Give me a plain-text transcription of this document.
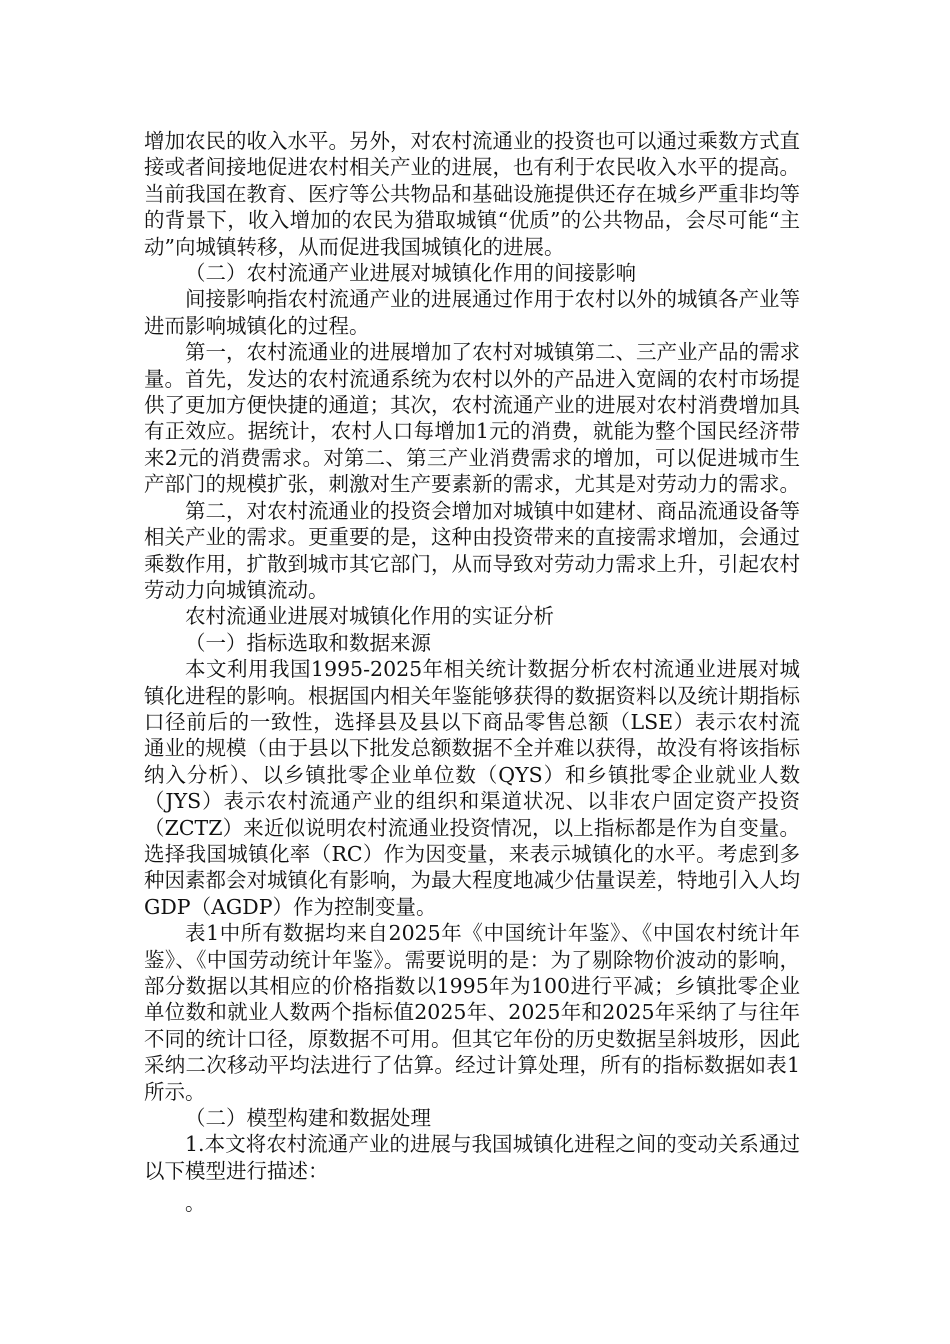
增加农民的收入水平。另外，对农村流通业的投资也可以通过乘数方式直接或者间接地促进农村相关产业的进展，也有利于农民收入水平的提高。当前我国在教育、医疗等公共物品和基础设施提供还存在城乡严重非均等的背景下，收入增加的农民为猎取城镇“优质”的公共物品，会尽可能“主动”向城镇转移，从而促进我国城镇化的进展。

（二）农村流通产业进展对城镇化作用的间接影响

间接影响指农村流通产业的进展通过作用于农村以外的城镇各产业等进而影响城镇化的过程。

第一，农村流通业的进展增加了农村对城镇第二、三产业产品的需求量。首先，发达的农村流通系统为农村以外的产品进入宽阔的农村市场提供了更加方便快捷的通道；其次，农村流通产业的进展对农村消费增加具有正效应。据统计，农村人口每增加1元的消费，就能为整个国民经济带来2元的消费需求。对第二、第三产业消费需求的增加，可以促进城市生产部门的规模扩张，刺激对生产要素新的需求，尤其是对劳动力的需求。

第二，对农村流通业的投资会增加对城镇中如建材、商品流通设备等相关产业的需求。更重要的是，这种由投资带来的直接需求增加，会通过乘数作用，扩散到城市其它部门，从而导致对劳动力需求上升，引起农村劳动力向城镇流动。

农村流通业进展对城镇化作用的实证分析

（一）指标选取和数据来源

本文利用我国1995-2025年相关统计数据分析农村流通业进展对城镇化进程的影响。根据国内相关年鉴能够获得的数据资料以及统计期指标口径前后的一致性，选择县及县以下商品零售总额（LSE）表示农村流通业的规模（由于县以下批发总额数据不全并难以获得，故没有将该指标纳入分析）、以乡镇批零企业单位数（QYS）和乡镇批零企业就业人数（JYS）表示农村流通产业的组织和渠道状况、以非农户固定资产投资（ZCTZ）来近似说明农村流通业投资情况，以上指标都是作为自变量。选择我国城镇化率（RC）作为因变量，来表示城镇化的水平。考虑到多种因素都会对城镇化有影响，为最大程度地减少估量误差，特地引入人均GDP（AGDP）作为控制变量。

表1中所有数据均来自2025年《中国统计年鉴》、《中国农村统计年鉴》、《中国劳动统计年鉴》。需要说明的是：为了剔除物价波动的影响，部分数据以其相应的价格指数以1995年为100进行平减；乡镇批零企业单位数和就业人数两个指标值2025年、2025年和2025年采纳了与往年不同的统计口径，原数据不可用。但其它年份的历史数据呈斜坡形，因此采纳二次移动平均法进行了估算。经过计算处理，所有的指标数据如表1所示。

（二）模型构建和数据处理

1.本文将农村流通产业的进展与我国城镇化进程之间的变动关系通过以下模型进行描述：

。
